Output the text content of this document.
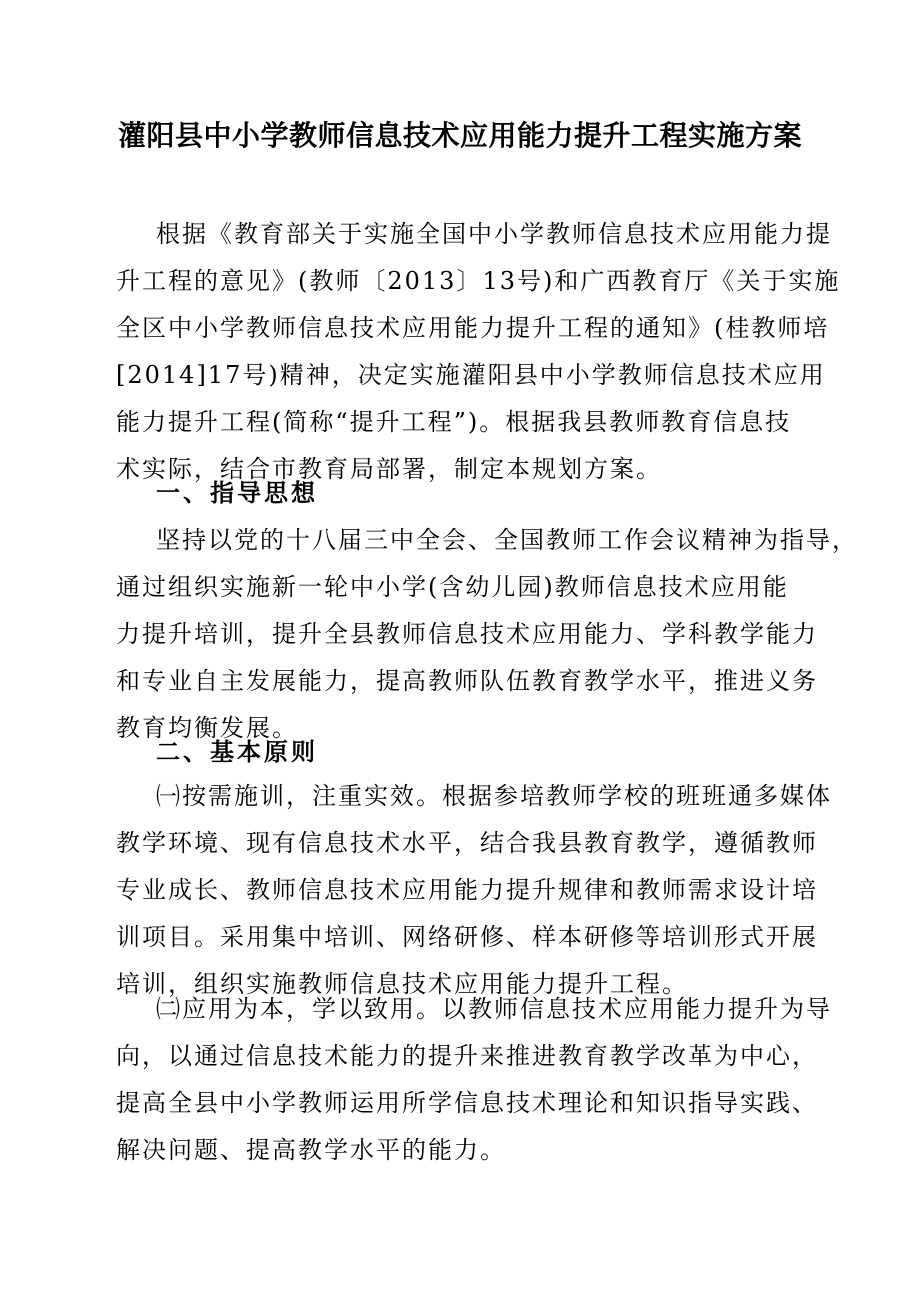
灌阳县中小学教师信息技术应用能力提升工程实施方案
根据《教育部关于实施全国中小学教师信息技术应用能力提
升工程的意见》(教师〔2013〕13号)和广西教育厅《关于实施
全区中小学教师信息技术应用能力提升工程的通知》(桂教师培
[2014]17号)精神，决定实施灌阳县中小学教师信息技术应用
能力提升工程(简称“提升工程”)。根据我县教师教育信息技
术实际，结合市教育局部署，制定本规划方案。
一、指导思想
坚持以党的十八届三中全会、全国教师工作会议精神为指导，
通过组织实施新一轮中小学(含幼儿园)教师信息技术应用能
力提升培训，提升全县教师信息技术应用能力、学科教学能力
和专业自主发展能力，提高教师队伍教育教学水平，推进义务
教育均衡发展。
二、基本原则
㈠按需施训，注重实效。根据参培教师学校的班班通多媒体
教学环境、现有信息技术水平，结合我县教育教学，遵循教师
专业成长、教师信息技术应用能力提升规律和教师需求设计培
训项目。采用集中培训、网络研修、样本研修等培训形式开展
培训，组织实施教师信息技术应用能力提升工程。
㈡应用为本，学以致用。以教师信息技术应用能力提升为导
向，以通过信息技术能力的提升来推进教育教学改革为中心，
提高全县中小学教师运用所学信息技术理论和知识指导实践、
解决问题、提高教学水平的能力。
